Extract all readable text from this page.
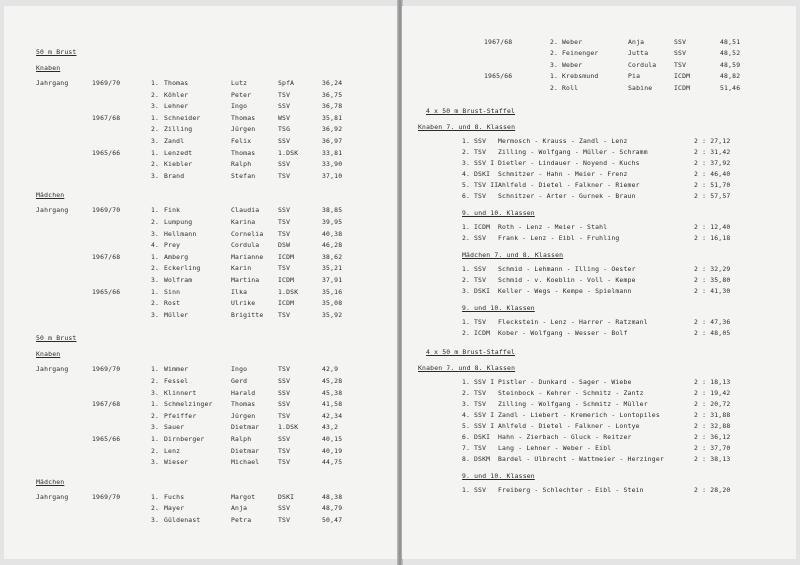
50 m Brust
Knaben
Jahrgang	1969/70	1. Thomas	Lutz	SpfA	36,24
2. Köhler	Peter	TSV	36,75
3. Lehner	Ingo	SSV	36,78
1967/68	1. Schneider	Thomas	WSV	35,81
2. Zilling	Jürgen	TSG	36,92
3. Zandl	Felix	SSV	36,97
1965/66	1. Lenzedt	Thomas	1.DSK	33,81
2. Kiebler	Ralph	SSV	33,90
3. Brand	Stefan	TSV	37,10
Mädchen
Jahrgang	1969/70	1. Fink	Claudia	SSV	38,85
2. Lumpung	Karina	TSV	39,95
3. Hellmann	Cornelia TSV	40,38
4. Prey	Cordula	DSW	46,28
1967/68	1. Amberg	Marianne ICDM	38,62
2. Eckerling	Karin	TSV	35,21
3. Wolfram	Martina	ICDM	37,91
1965/66	1. Sinn	Ilka	1.DSK	35,16
2. Rost	Ulrike	ICDM	35,08
3. Müller	Brigitte TSV	35,92
50 m Brust
Knaben
Jahrgang	1969/70	1. Wimmer	Ingo	TSV	42,9
2. Fessel	Gerd	SSV	45,28
3. Klinnert	Harald	SSV	45,38
1967/68	1. Schmelzinger	Thomas	SSV	41,58
2. Pfeiffer	Jürgen	TSV	42,34
3. Sauer	Dietmar	1.DSK	43,2
1965/66	1. Dirnberger	Ralph	SSV	40,15
2. Lenz	Dietmar	TSV	40,19
3. Wieser	Michael	TSV	44,75
Mädchen
Jahrgang	1969/70	1. Fuchs	Margot	DSKI	48,38
2. Mayer	Anja	SSV	48,79
3. Güldenast	Petra	TSV	50,47
1967/68	2. Weber	Anja	SSV	48,51
2. Feinenger	Jutta	SSV	48,52
3. Weber	Cordula	TSV	48,59
1965/66	1. Krebsmund	Pia	ICDM	48,82
2. Roll	Sabine	ICDM	51,46
4 x 50 m Brust-Staffel
Knaben 7. und 8. Klassen
1. SSV Mermosch - Krauss - Zandl - Lenz	2 : 27,12
2. TSV Zilling - Wolfgang - Müller - Schramm	2 : 31,42
3. SSV I Dietler - Lindauer - Noyend - Kuchs	2 : 37,92
4. DSKI Schmitzer - Hahn - Meier - Frenz	2 : 46,40
5. TSV II Ahlfeld - Dietel - Falkner - Riemer	2 : 51,70
6. TSV Schnitzer - Arter - Gurnek - Braun	2 : 57,57
9. und 10. Klassen
1. ICDM Roth - Lenz - Meier - Stahl	2 : 12,40
2. SSV Frank - Lenz - Eibl - Fruhling	2 : 16,18
Mädchen 7. und 8. Klassen
1. SSV Schmid - Lehmann - Illing - Oester	2 : 32,29
2. TSV Schmid - v. Koeblin - Voll - Kempe	2 : 35,80
3. DSKI Keller - Wegs - Kempe - Spielmann	2 : 41,30
9. und 10. Klassen
1. TSV Fleckstein - Lenz - Harrer - Ratzmanl	2 : 47,36
2. ICDM Kober - Wolfgang - Wesser - Bolf	2 : 48,05
4 x 50 m Brust-Staffel
Knaben 7. und 8. Klassen
1. SSV I Pistler - Dunkard - Sager - Wiebe	2 : 18,13
2. TSV Steinbock - Kehrer - Schmitz - Zantz	2 : 19,42
3. TSV Zilling - Wolfgang - Schmitz - Müller	2 : 20,72
4. SSV I Zandl - Liebert - Kremerich - Lontopiles	2 : 31,88
5. SSV I Ahlfeld - Dietel - Falkner - Lontye	2 : 32,88
6. DSKI Hahn - Zierbach - Gluck - Reitzer	2 : 36,12
7. TSV Lang - Lehner - Weber - Eibl	2 : 37,70
8. DSKM Bardel - Ulbrecht - Wattmeier - Herzinger	2 : 38,13
9. und 10. Klassen
1. SSV Freiberg - Schlechter - Eibl - Stein	2 : 28,20
